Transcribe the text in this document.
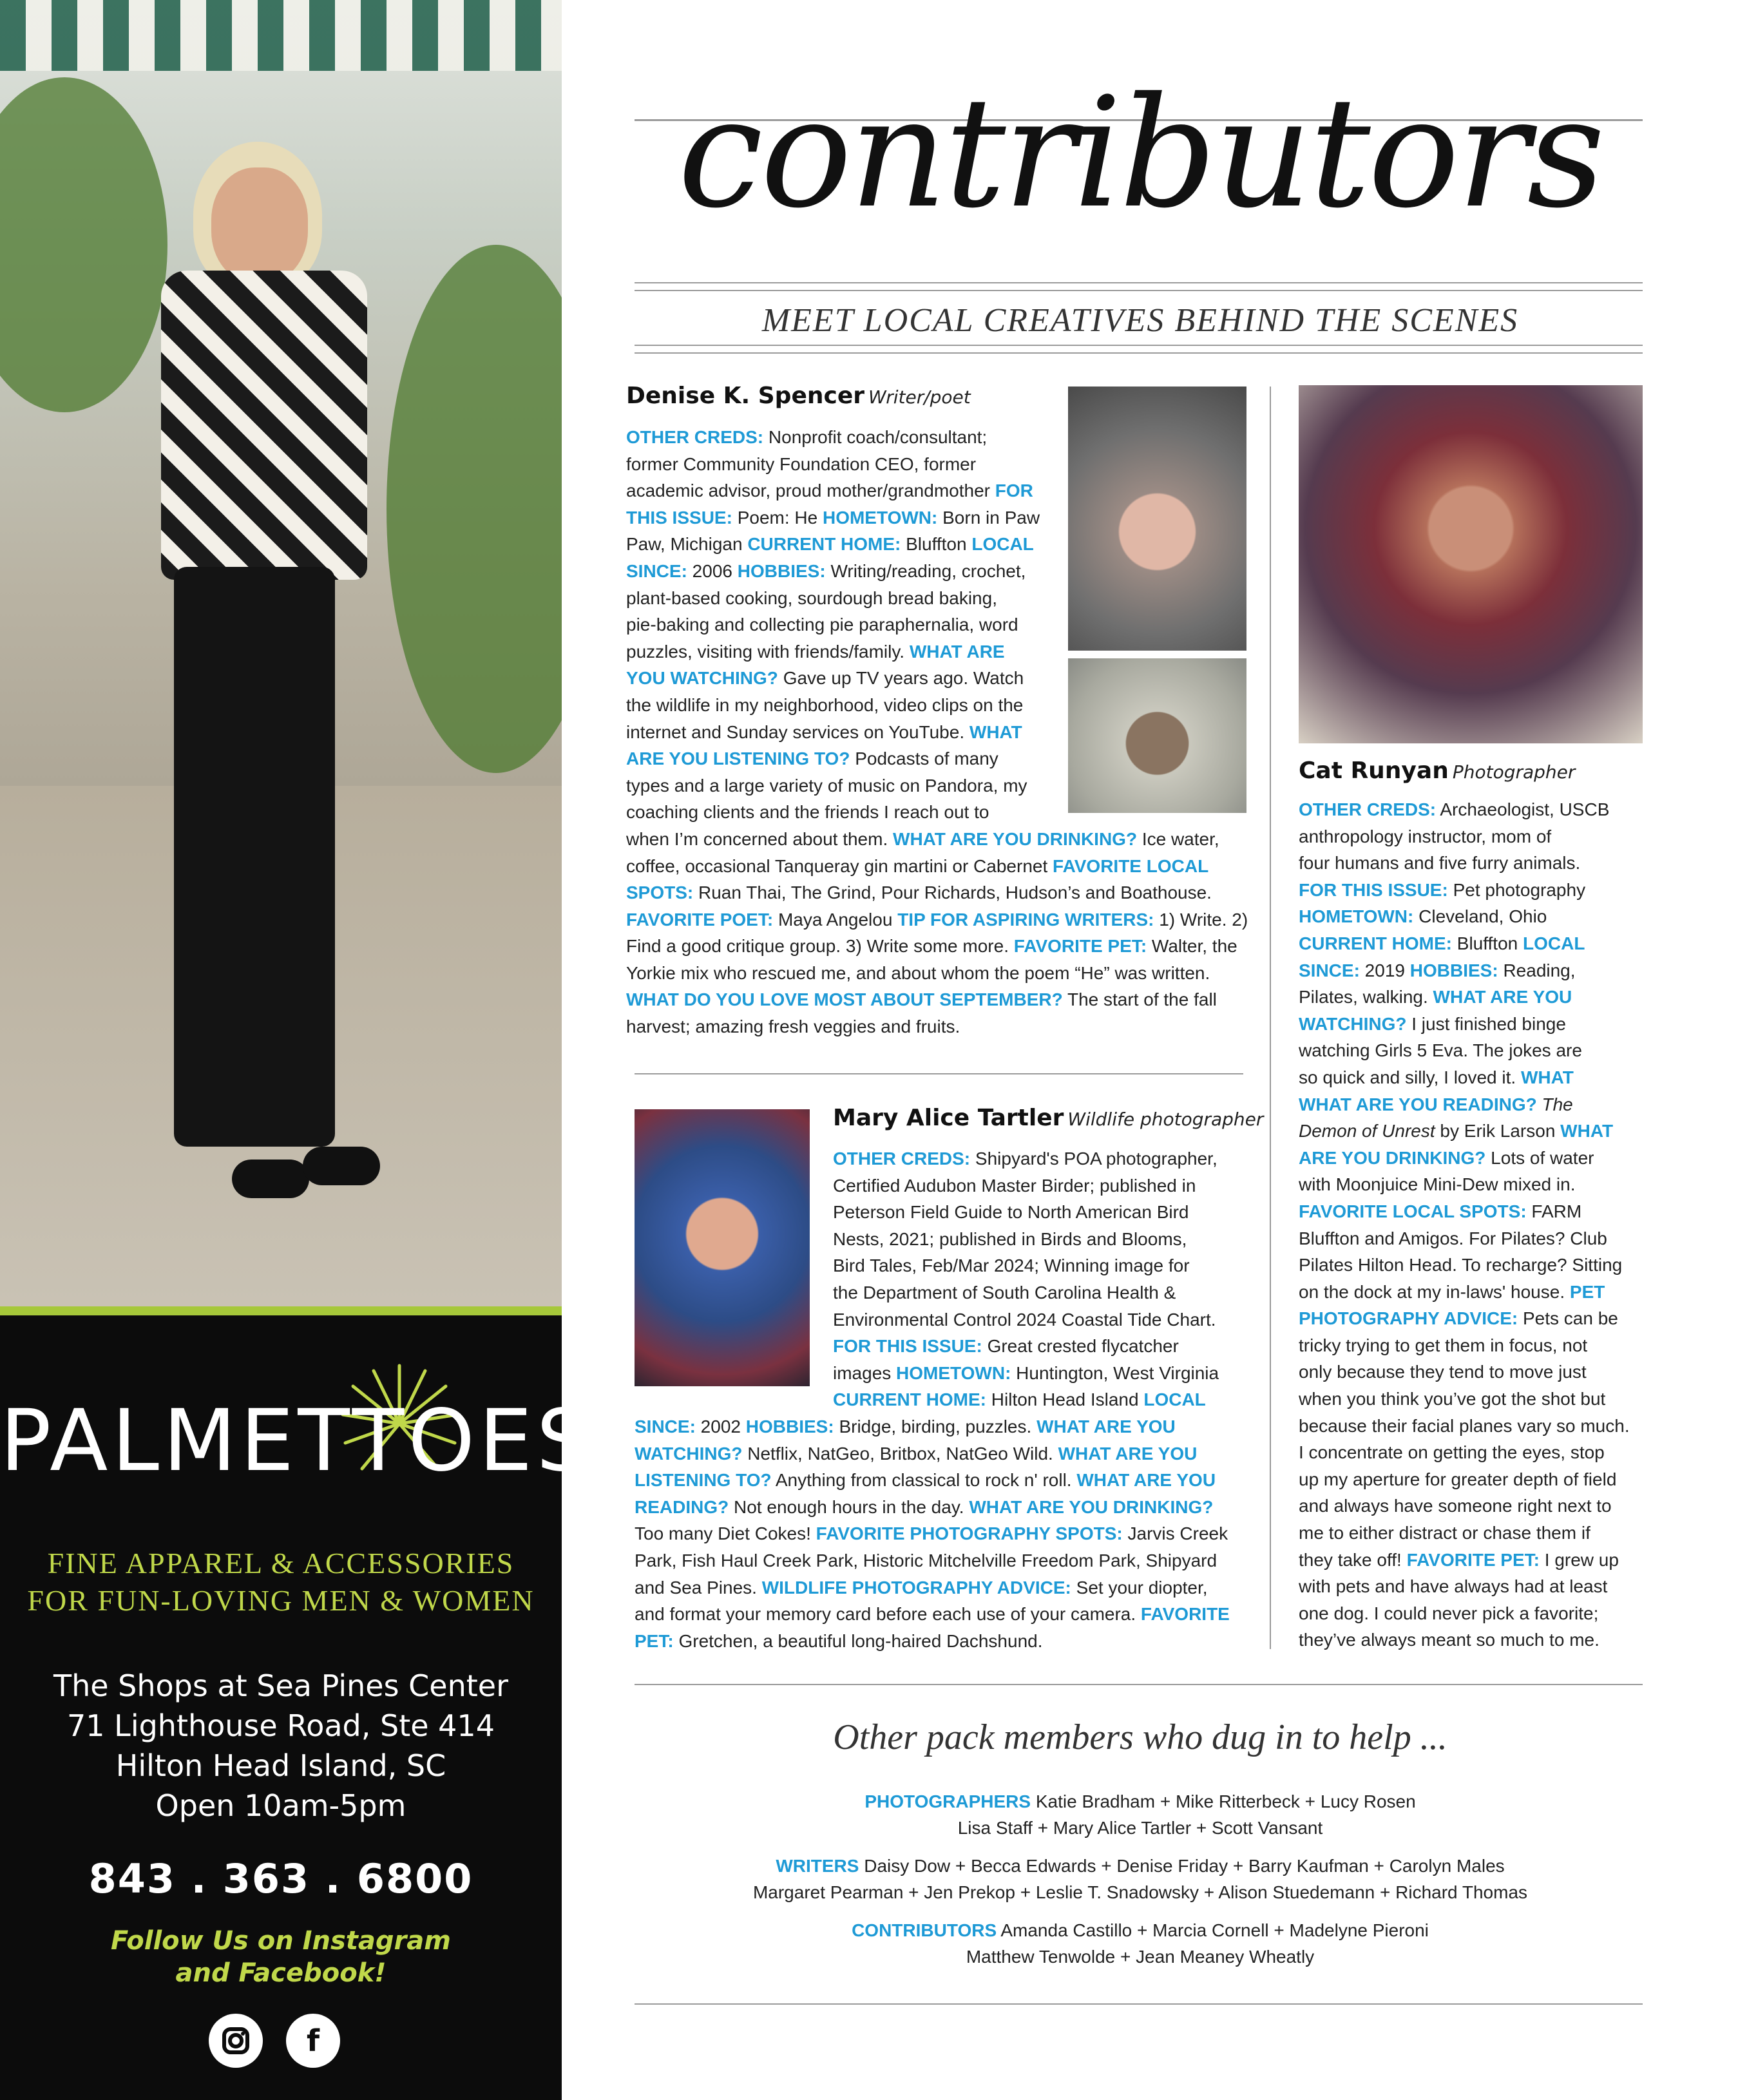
PALMETTOES
FINE APPAREL & ACCESSORIES
FOR FUN-LOVING MEN & WOMEN
The Shops at Sea Pines Center
71 Lighthouse Road, Ste 414
Hilton Head Island, SC
Open 10am-5pm
843 . 363 . 6800
Follow Us on Instagram
and Facebook!
f
contributors
MEET LOCAL CREATIVES BEHIND THE SCENES
Denise K. Spencer Writer/poet
OTHER CREDS: Nonprofit coach/consultant;
former Community Foundation CEO, former
academic advisor, proud mother/grandmother FOR
THIS ISSUE: Poem: He HOMETOWN: Born in Paw
Paw, Michigan CURRENT HOME: Bluffton LOCAL
SINCE: 2006 HOBBIES: Writing/reading, crochet,
plant-based cooking, sourdough bread baking,
pie-baking and collecting pie paraphernalia, word
puzzles, visiting with friends/family. WHAT ARE
YOU WATCHING? Gave up TV years ago. Watch
the wildlife in my neighborhood, video clips on the
internet and Sunday services on YouTube. WHAT
ARE YOU LISTENING TO? Podcasts of many
types and a large variety of music on Pandora, my
coaching clients and the friends I reach out to
when I’m concerned about them. WHAT ARE YOU DRINKING? Ice water,
coffee, occasional Tanqueray gin martini or Cabernet FAVORITE LOCAL
SPOTS: Ruan Thai, The Grind, Pour Richards, Hudson’s and Boathouse.
FAVORITE POET: Maya Angelou TIP FOR ASPIRING WRITERS: 1) Write. 2)
Find a good critique group. 3) Write some more. FAVORITE PET: Walter, the
Yorkie mix who rescued me, and about whom the poem “He” was written.
WHAT DO YOU LOVE MOST ABOUT SEPTEMBER? The start of the fall
harvest; amazing fresh veggies and fruits.
Mary Alice Tartler Wildlife photographer
OTHER CREDS: Shipyard's POA photographer,
Certified Audubon Master Birder; published in
Peterson Field Guide to North American Bird
Nests, 2021; published in Birds and Blooms,
Bird Tales, Feb/Mar 2024; Winning image for
the Department of South Carolina Health &
Environmental Control 2024 Coastal Tide Chart.
FOR THIS ISSUE: Great crested flycatcher
images HOMETOWN: Huntington, West Virginia
CURRENT HOME: Hilton Head Island LOCAL
SINCE: 2002 HOBBIES: Bridge, birding, puzzles. WHAT ARE YOU
WATCHING? Netflix, NatGeo, Britbox, NatGeo Wild. WHAT ARE YOU
LISTENING TO? Anything from classical to rock n' roll. WHAT ARE YOU
READING? Not enough hours in the day. WHAT ARE YOU DRINKING?
Too many Diet Cokes! FAVORITE PHOTOGRAPHY SPOTS: Jarvis Creek
Park, Fish Haul Creek Park, Historic Mitchelville Freedom Park, Shipyard
and Sea Pines. WILDLIFE PHOTOGRAPHY ADVICE: Set your diopter,
and format your memory card before each use of your camera. FAVORITE
PET: Gretchen, a beautiful long-haired Dachshund.
Cat Runyan Photographer
OTHER CREDS: Archaeologist, USCB
anthropology instructor, mom of
four humans and five furry animals.
FOR THIS ISSUE: Pet photography
HOMETOWN: Cleveland, Ohio
CURRENT HOME: Bluffton LOCAL
SINCE: 2019 HOBBIES: Reading,
Pilates, walking. WHAT ARE YOU
WATCHING? I just finished binge
watching Girls 5 Eva. The jokes are
so quick and silly, I loved it. WHAT
WHAT ARE YOU READING? The
Demon of Unrest by Erik Larson WHAT
ARE YOU DRINKING? Lots of water
with Moonjuice Mini-Dew mixed in.
FAVORITE LOCAL SPOTS: FARM
Bluffton and Amigos. For Pilates? Club
Pilates Hilton Head. To recharge? Sitting
on the dock at my in-laws' house. PET
PHOTOGRAPHY ADVICE: Pets can be
tricky trying to get them in focus, not
only because they tend to move just
when you think you’ve got the shot but
because their facial planes vary so much.
I concentrate on getting the eyes, stop
up my aperture for greater depth of field
and always have someone right next to
me to either distract or chase them if
they take off! FAVORITE PET: I grew up
with pets and have always had at least
one dog. I could never pick a favorite;
they’ve always meant so much to me.
Other pack members who dug in to help ...
PHOTOGRAPHERS Katie Bradham + Mike Ritterbeck + Lucy Rosen
Lisa Staff + Mary Alice Tartler + Scott Vansant
WRITERS Daisy Dow + Becca Edwards + Denise Friday + Barry Kaufman + Carolyn Males
Margaret Pearman + Jen Prekop + Leslie T. Snadowsky + Alison Stuedemann + Richard Thomas
CONTRIBUTORS Amanda Castillo + Marcia Cornell + Madelyne Pieroni
Matthew Tenwolde + Jean Meaney Wheatly
